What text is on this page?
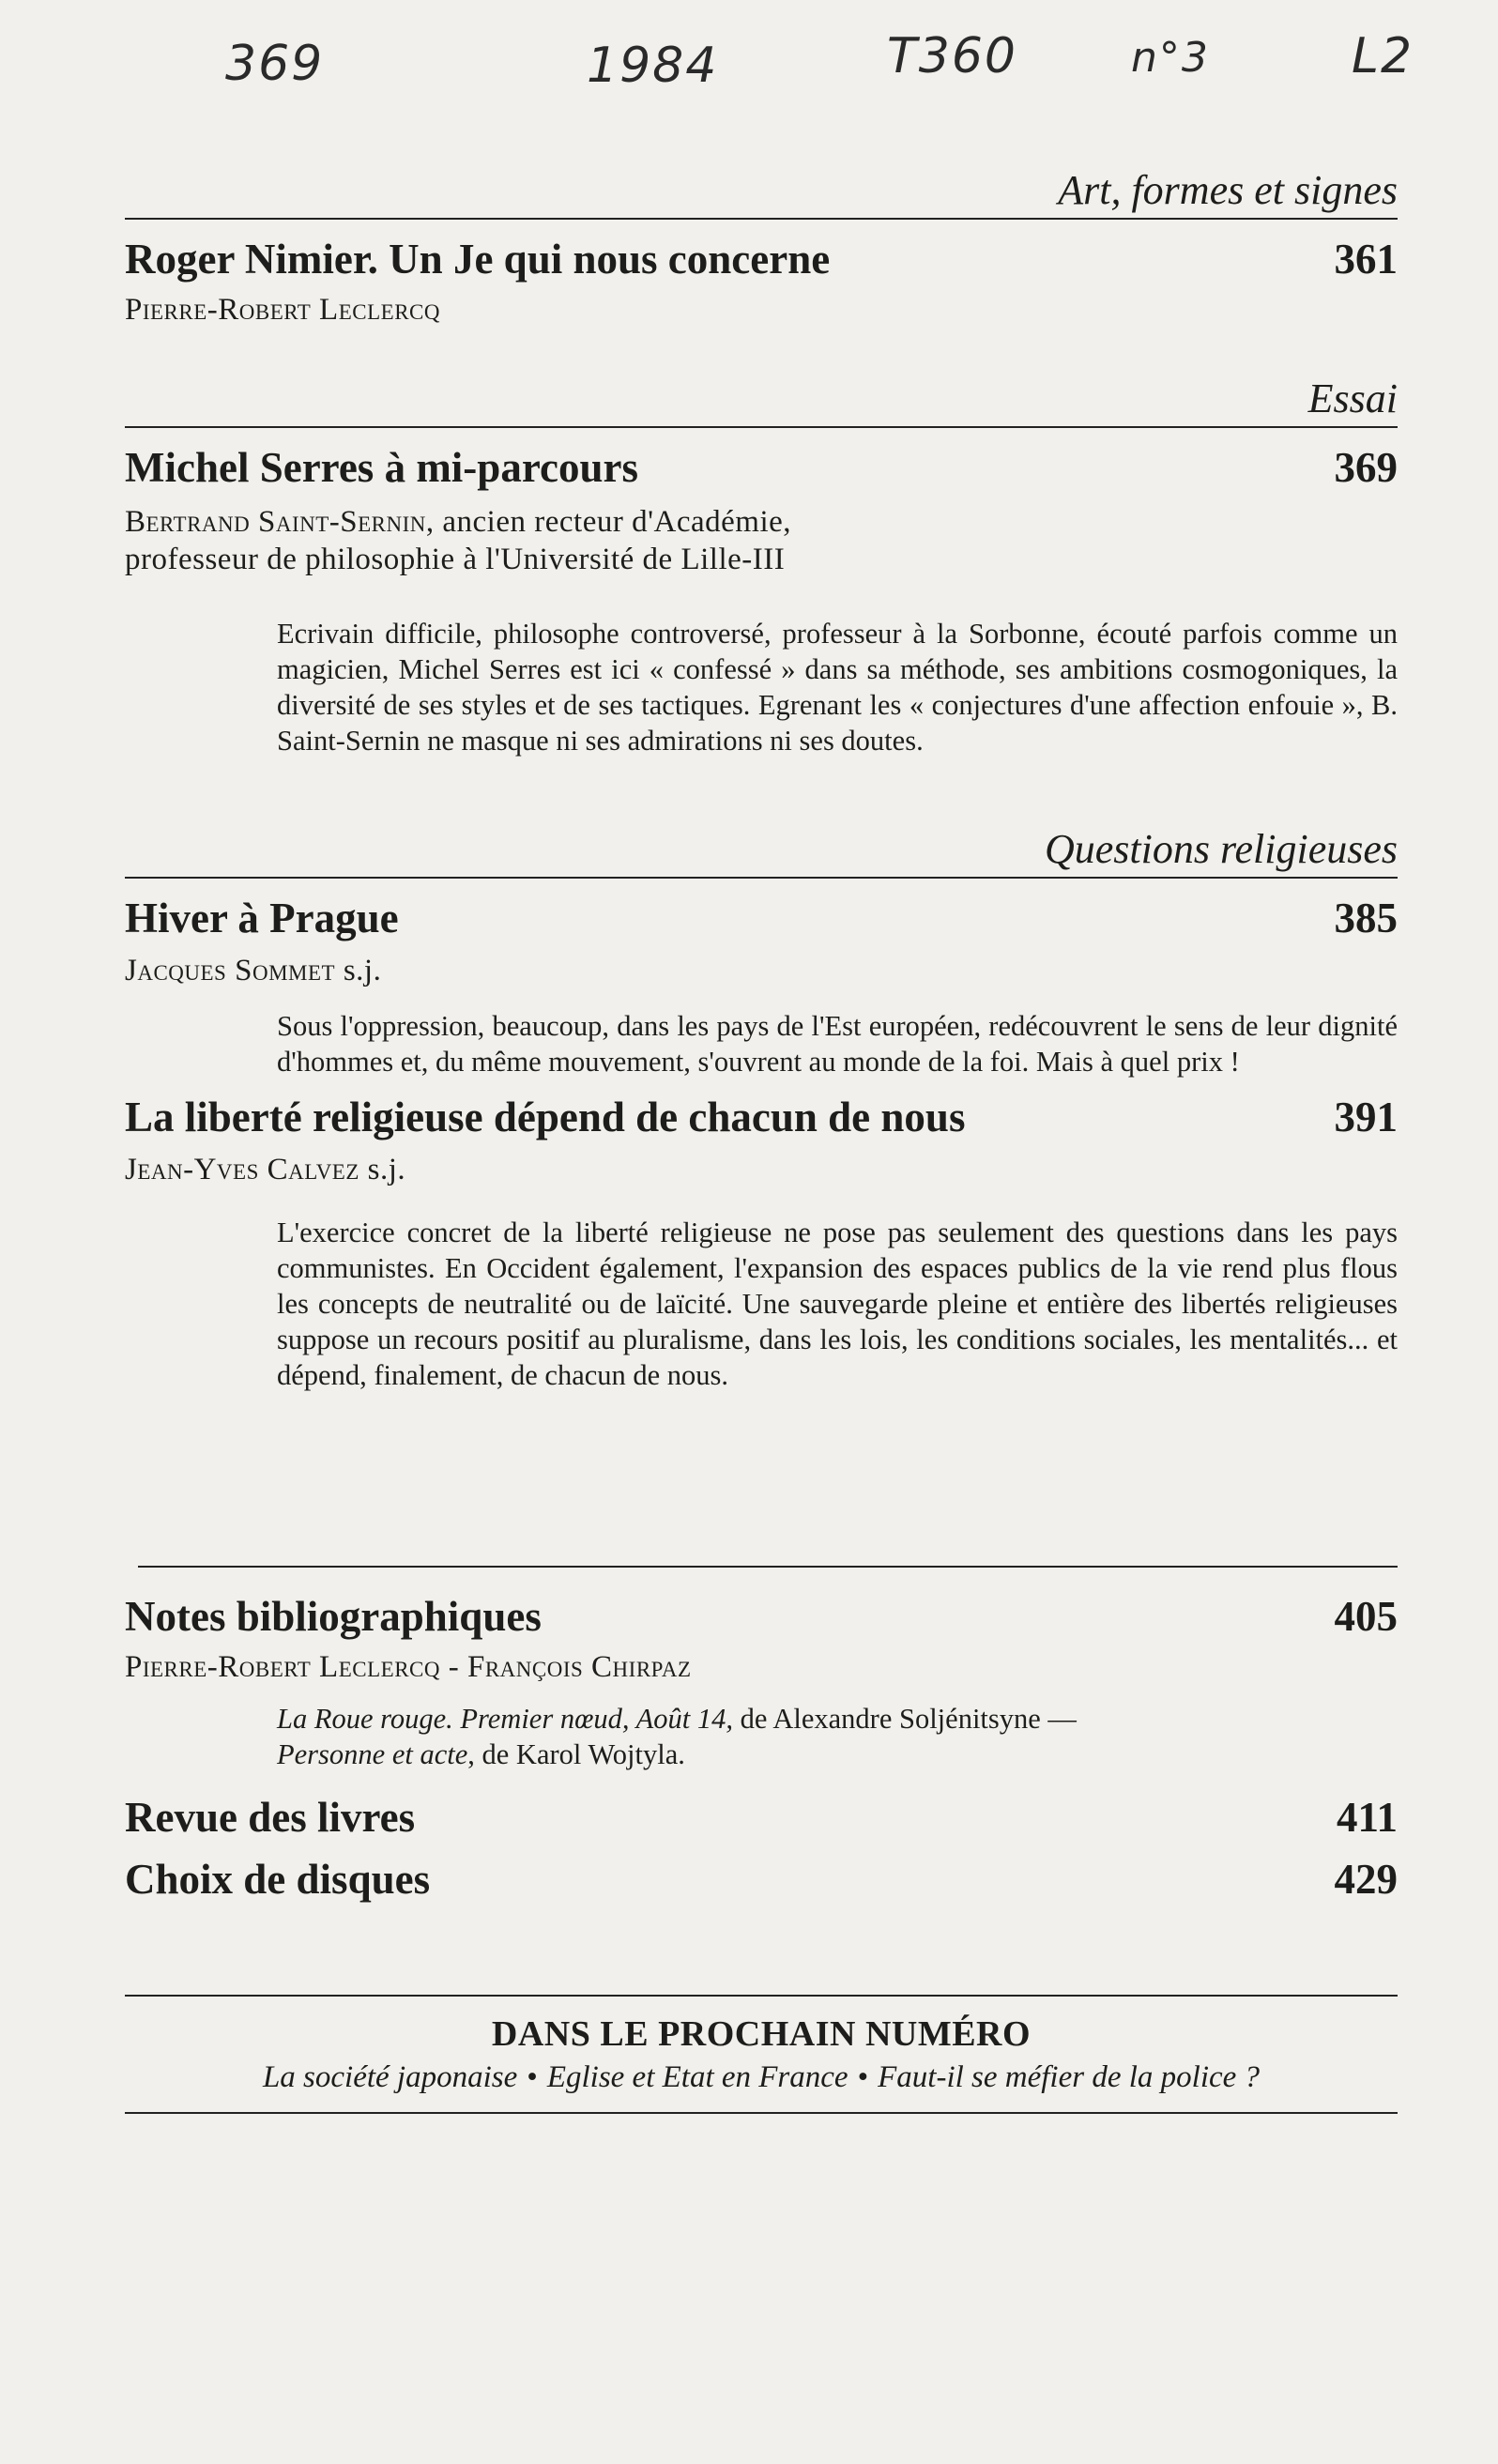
369	1984	T360	n°3	L2
Art, formes et signes
Roger Nimier. Un Je qui nous concerne	361
Pierre-Robert Leclercq
Essai
Michel Serres à mi-parcours	369
Bertrand Saint-Sernin, ancien recteur d'Académie,
professeur de philosophie à l'Université de Lille-III
Ecrivain difficile, philosophe controversé, professeur à la Sorbonne, écouté parfois comme un magicien, Michel Serres est ici « confessé » dans sa méthode, ses ambitions cosmogoniques, la diversité de ses styles et de ses tactiques. Egrenant les « conjectures d'une affection enfouie », B. Saint-Sernin ne masque ni ses admirations ni ses doutes.
Questions religieuses
Hiver à Prague	385
Jacques Sommet s.j.
Sous l'oppression, beaucoup, dans les pays de l'Est européen, redécouvrent le sens de leur dignité d'hommes et, du même mouvement, s'ouvrent au monde de la foi. Mais à quel prix !
La liberté religieuse dépend de chacun de nous	391
Jean-Yves Calvez s.j.
L'exercice concret de la liberté religieuse ne pose pas seulement des questions dans les pays communistes. En Occident également, l'expansion des espaces publics de la vie rend plus flous les concepts de neutralité ou de laïcité. Une sauvegarde pleine et entière des libertés religieuses suppose un recours positif au pluralisme, dans les lois, les conditions sociales, les mentalités... et dépend, finalement, de chacun de nous.
Notes bibliographiques	405
Pierre-Robert Leclercq - François Chirpaz
La Roue rouge. Premier nœud, Août 14, de Alexandre Soljénitsyne —
Personne et acte, de Karol Wojtyla.
Revue des livres	411
Choix de disques	429
DANS LE PROCHAIN NUMÉRO
La société japonaise • Eglise et Etat en France • Faut-il se méfier de la police ?
